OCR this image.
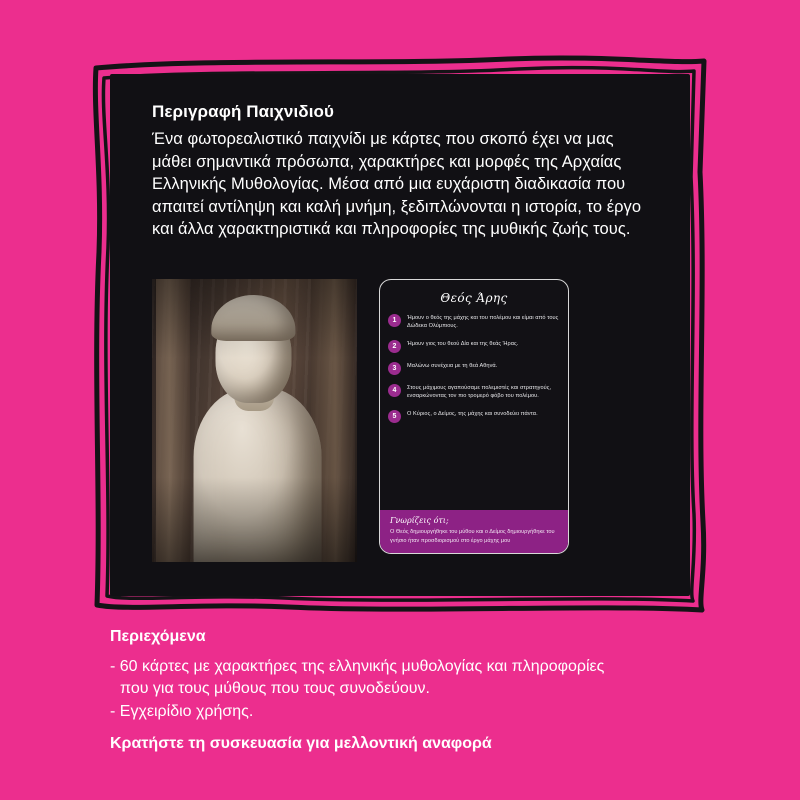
Περιγραφή Παιχνιδιού

Ένα φωτορεαλιστικό παιχνίδι με κάρτες που σκοπό έχει να μας μάθει σημαντικά πρόσωπα, χαρακτήρες και μορφές της Αρχαίας Ελληνικής Μυθολογίας. Μέσα από μια ευχάριστη διαδικασία που απαιτεί αντίληψη και καλή μνήμη, ξεδιπλώνονται η ιστορία, το έργο και άλλα χαρακτηριστικά και πληροφορίες της μυθικής ζωής τους.

Θεός Άρης
1	Ήμουν ο θεός της μάχης και του πολέμου και είμαι από τους Δώδεκα Ολύμπιους.
2	Ήμουν γιος του θεού Δία και της θεάς Ήρας.
3	Μαλώνω συνέχεια με τη θεά Αθηνά.
4	Στους μάχιμους αγαπούσαμε πολεμιστές και στρατηγούς, ενσαρκώνοντας τον πιο τρομερό φόβο του πολέμου.
5	Ο Κύριος, ο Δείμος, της μάχης και συνοδεύει πάντα.
Γνωρίζεις ότι;
Ο Θεός δημιουργήθηκε του μύθου και ο Δείμος δημιουργήθηκε του γνήσιο ήταν προσδιορισμού στο έργο μάχης μου
Περιεχόμενα
- 60 κάρτες με χαρακτήρες της ελληνικής μυθολογίας και πληροφορίες
που για τους μύθους που τους συνοδεύουν.
- Εγχειρίδιο χρήσης.
Κρατήστε τη συσκευασία για μελλοντική αναφορά
